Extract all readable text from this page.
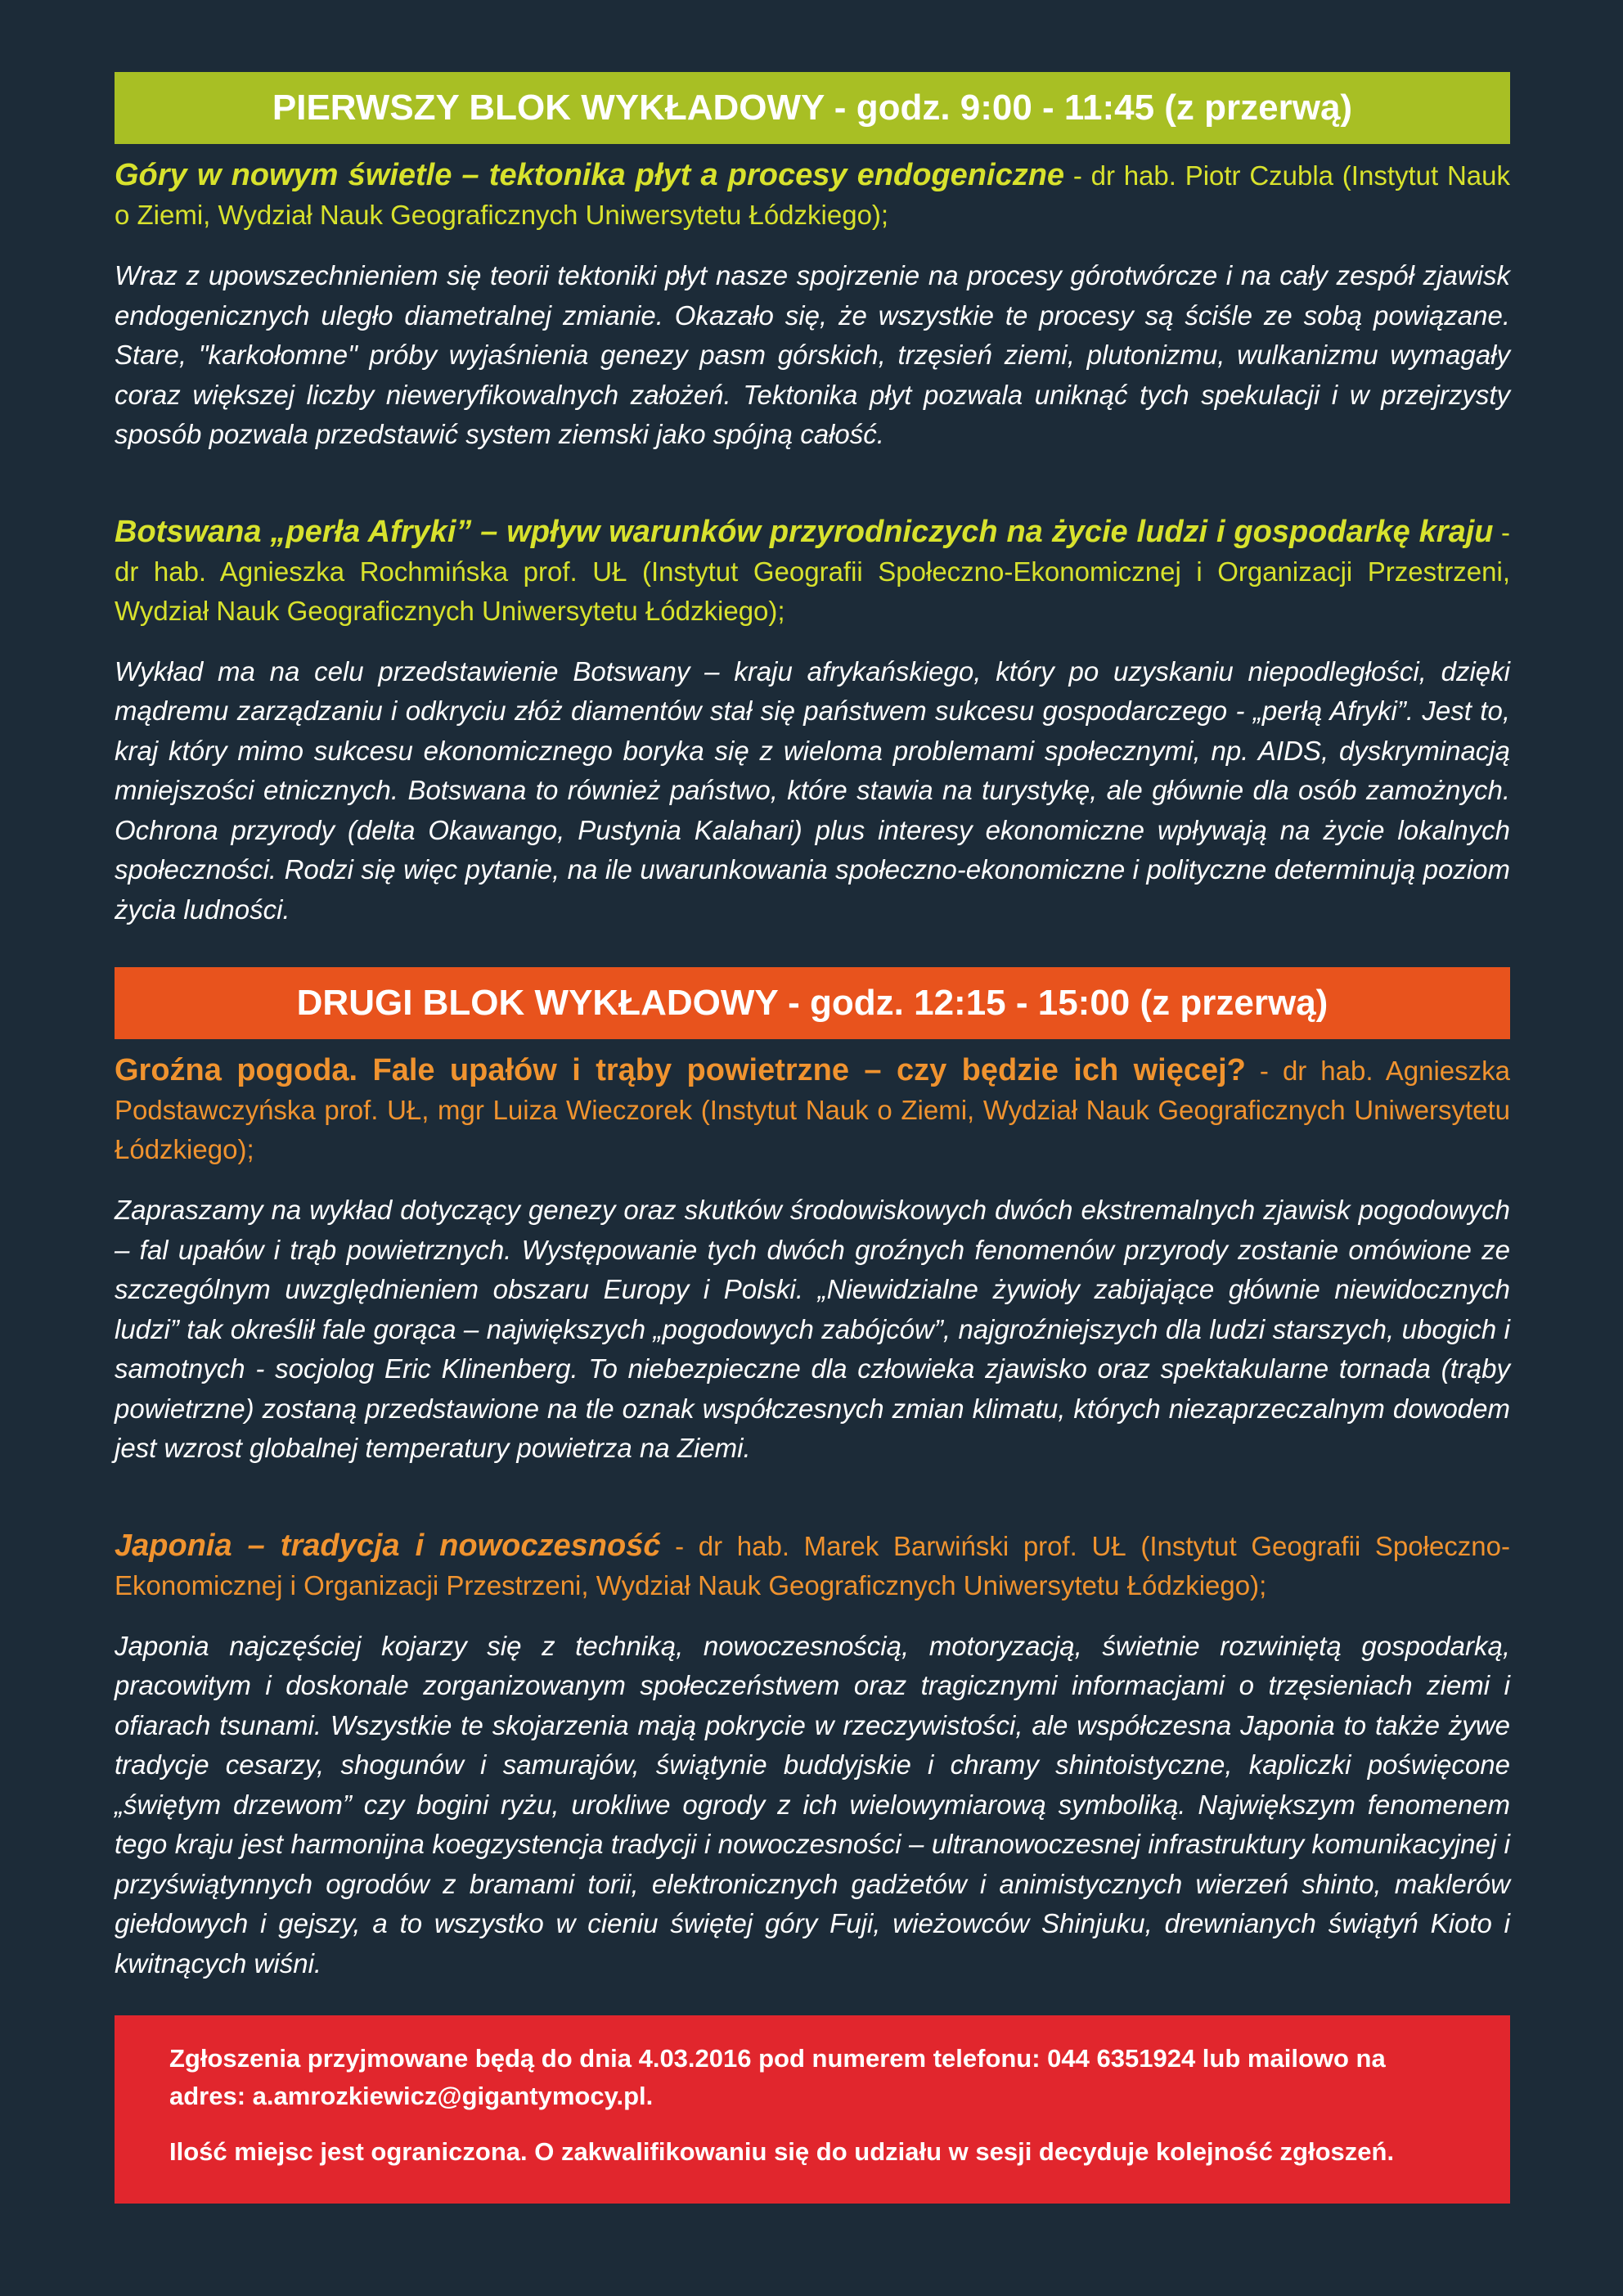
PIERWSZY BLOK WYKŁADOWY - godz. 9:00 - 11:45 (z przerwą)
Góry w nowym świetle – tektonika płyt a procesy endogeniczne - dr hab. Piotr Czubla (Instytut Nauk o Ziemi, Wydział Nauk Geograficznych Uniwersytetu Łódzkiego);
Wraz z upowszechnieniem się teorii tektoniki płyt nasze spojrzenie na procesy górotwórcze i na cały zespół zjawisk endogenicznych uległo diametralnej zmianie. Okazało się, że wszystkie te procesy są ściśle ze sobą powiązane. Stare, "karkołomne" próby wyjaśnienia genezy pasm górskich, trzęsień ziemi, plutonizmu, wulkanizmu wymagały coraz większej liczby nieweryfikowalnych założeń. Tektonika płyt pozwala uniknąć tych spekulacji i w przejrzysty sposób pozwala przedstawić system ziemski jako spójną całość.
Botswana „perła Afryki” – wpływ warunków przyrodniczych na życie ludzi i gospodarkę kraju - dr hab. Agnieszka Rochmińska prof. UŁ (Instytut Geografii Społeczno-Ekonomicznej i Organizacji Przestrzeni, Wydział Nauk Geograficznych Uniwersytetu Łódzkiego);
Wykład ma na celu przedstawienie Botswany – kraju afrykańskiego, który po uzyskaniu niepodległości, dzięki mądremu zarządzaniu i odkryciu złóż diamentów stał się państwem sukcesu gospodarczego - „perłą Afryki”. Jest to, kraj który mimo sukcesu ekonomicznego boryka się z wieloma problemami społecznymi, np. AIDS, dyskryminacją mniejszości etnicznych. Botswana to również państwo, które stawia na turystykę, ale głównie dla osób zamożnych. Ochrona przyrody (delta Okawango, Pustynia Kalahari) plus interesy ekonomiczne wpływają na życie lokalnych społeczności. Rodzi się więc pytanie, na ile uwarunkowania społeczno-ekonomiczne i polityczne determinują poziom życia ludności.
DRUGI BLOK WYKŁADOWY - godz. 12:15 - 15:00 (z przerwą)
Groźna pogoda. Fale upałów i trąby powietrzne – czy będzie ich więcej? - dr hab. Agnieszka Podstawczyńska prof. UŁ, mgr Luiza Wieczorek (Instytut Nauk o Ziemi, Wydział Nauk Geograficznych Uniwersytetu Łódzkiego);
Zapraszamy na wykład dotyczący genezy oraz skutków środowiskowych dwóch ekstremalnych zjawisk pogodowych – fal upałów i trąb powietrznych. Występowanie tych dwóch groźnych fenomenów przyrody zostanie omówione ze szczególnym uwzględnieniem obszaru Europy i Polski. „Niewidzialne żywioły zabijające głównie niewidocznych ludzi” tak określił fale gorąca – największych „pogodowych zabójców”, najgroźniejszych dla ludzi starszych, ubogich i samotnych - socjolog Eric Klinenberg. To niebezpieczne dla człowieka zjawisko oraz spektakularne tornada (trąby powietrzne) zostaną przedstawione na tle oznak współczesnych zmian klimatu, których niezaprzeczalnym dowodem jest wzrost globalnej temperatury powietrza na Ziemi.
Japonia – tradycja i nowoczesność - dr hab. Marek Barwiński prof. UŁ (Instytut Geografii Społeczno-Ekonomicznej i Organizacji Przestrzeni, Wydział Nauk Geograficznych Uniwersytetu Łódzkiego);
Japonia najczęściej kojarzy się z techniką, nowoczesnością, motoryzacją, świetnie rozwiniętą gospodarką, pracowitym i doskonale zorganizowanym społeczeństwem oraz tragicznymi informacjami o trzęsieniach ziemi i ofiarach tsunami. Wszystkie te skojarzenia mają pokrycie w rzeczywistości, ale współczesna Japonia to także żywe tradycje cesarzy, shogunów i samurajów, świątynie buddyjskie i chramy shintoistyczne, kapliczki poświęcone „świętym drzewom” czy bogini ryżu, urokliwe ogrody z ich wielowymiarową symboliką. Największym fenomenem tego kraju jest harmonijna koegzystencja tradycji i nowoczesności – ultranowoczesnej infrastruktury komunikacyjnej i przyświątynnych ogrodów z bramami torii, elektronicznych gadżetów i animistycznych wierzeń shinto, maklerów giełdowych i gejszy, a to wszystko w cieniu świętej góry Fuji, wieżowców Shinjuku, drewnianych świątyń Kioto i kwitnących wiśni.

Zgłoszenia przyjmowane będą do dnia 4.03.2016 pod numerem telefonu: 044 6351924 lub mailowo na adres: a.amrozkiewicz@gigantymocy.pl.

Ilość miejsc jest ograniczona. O zakwalifikowaniu się do udziału w sesji decyduje kolejność zgłoszeń.
